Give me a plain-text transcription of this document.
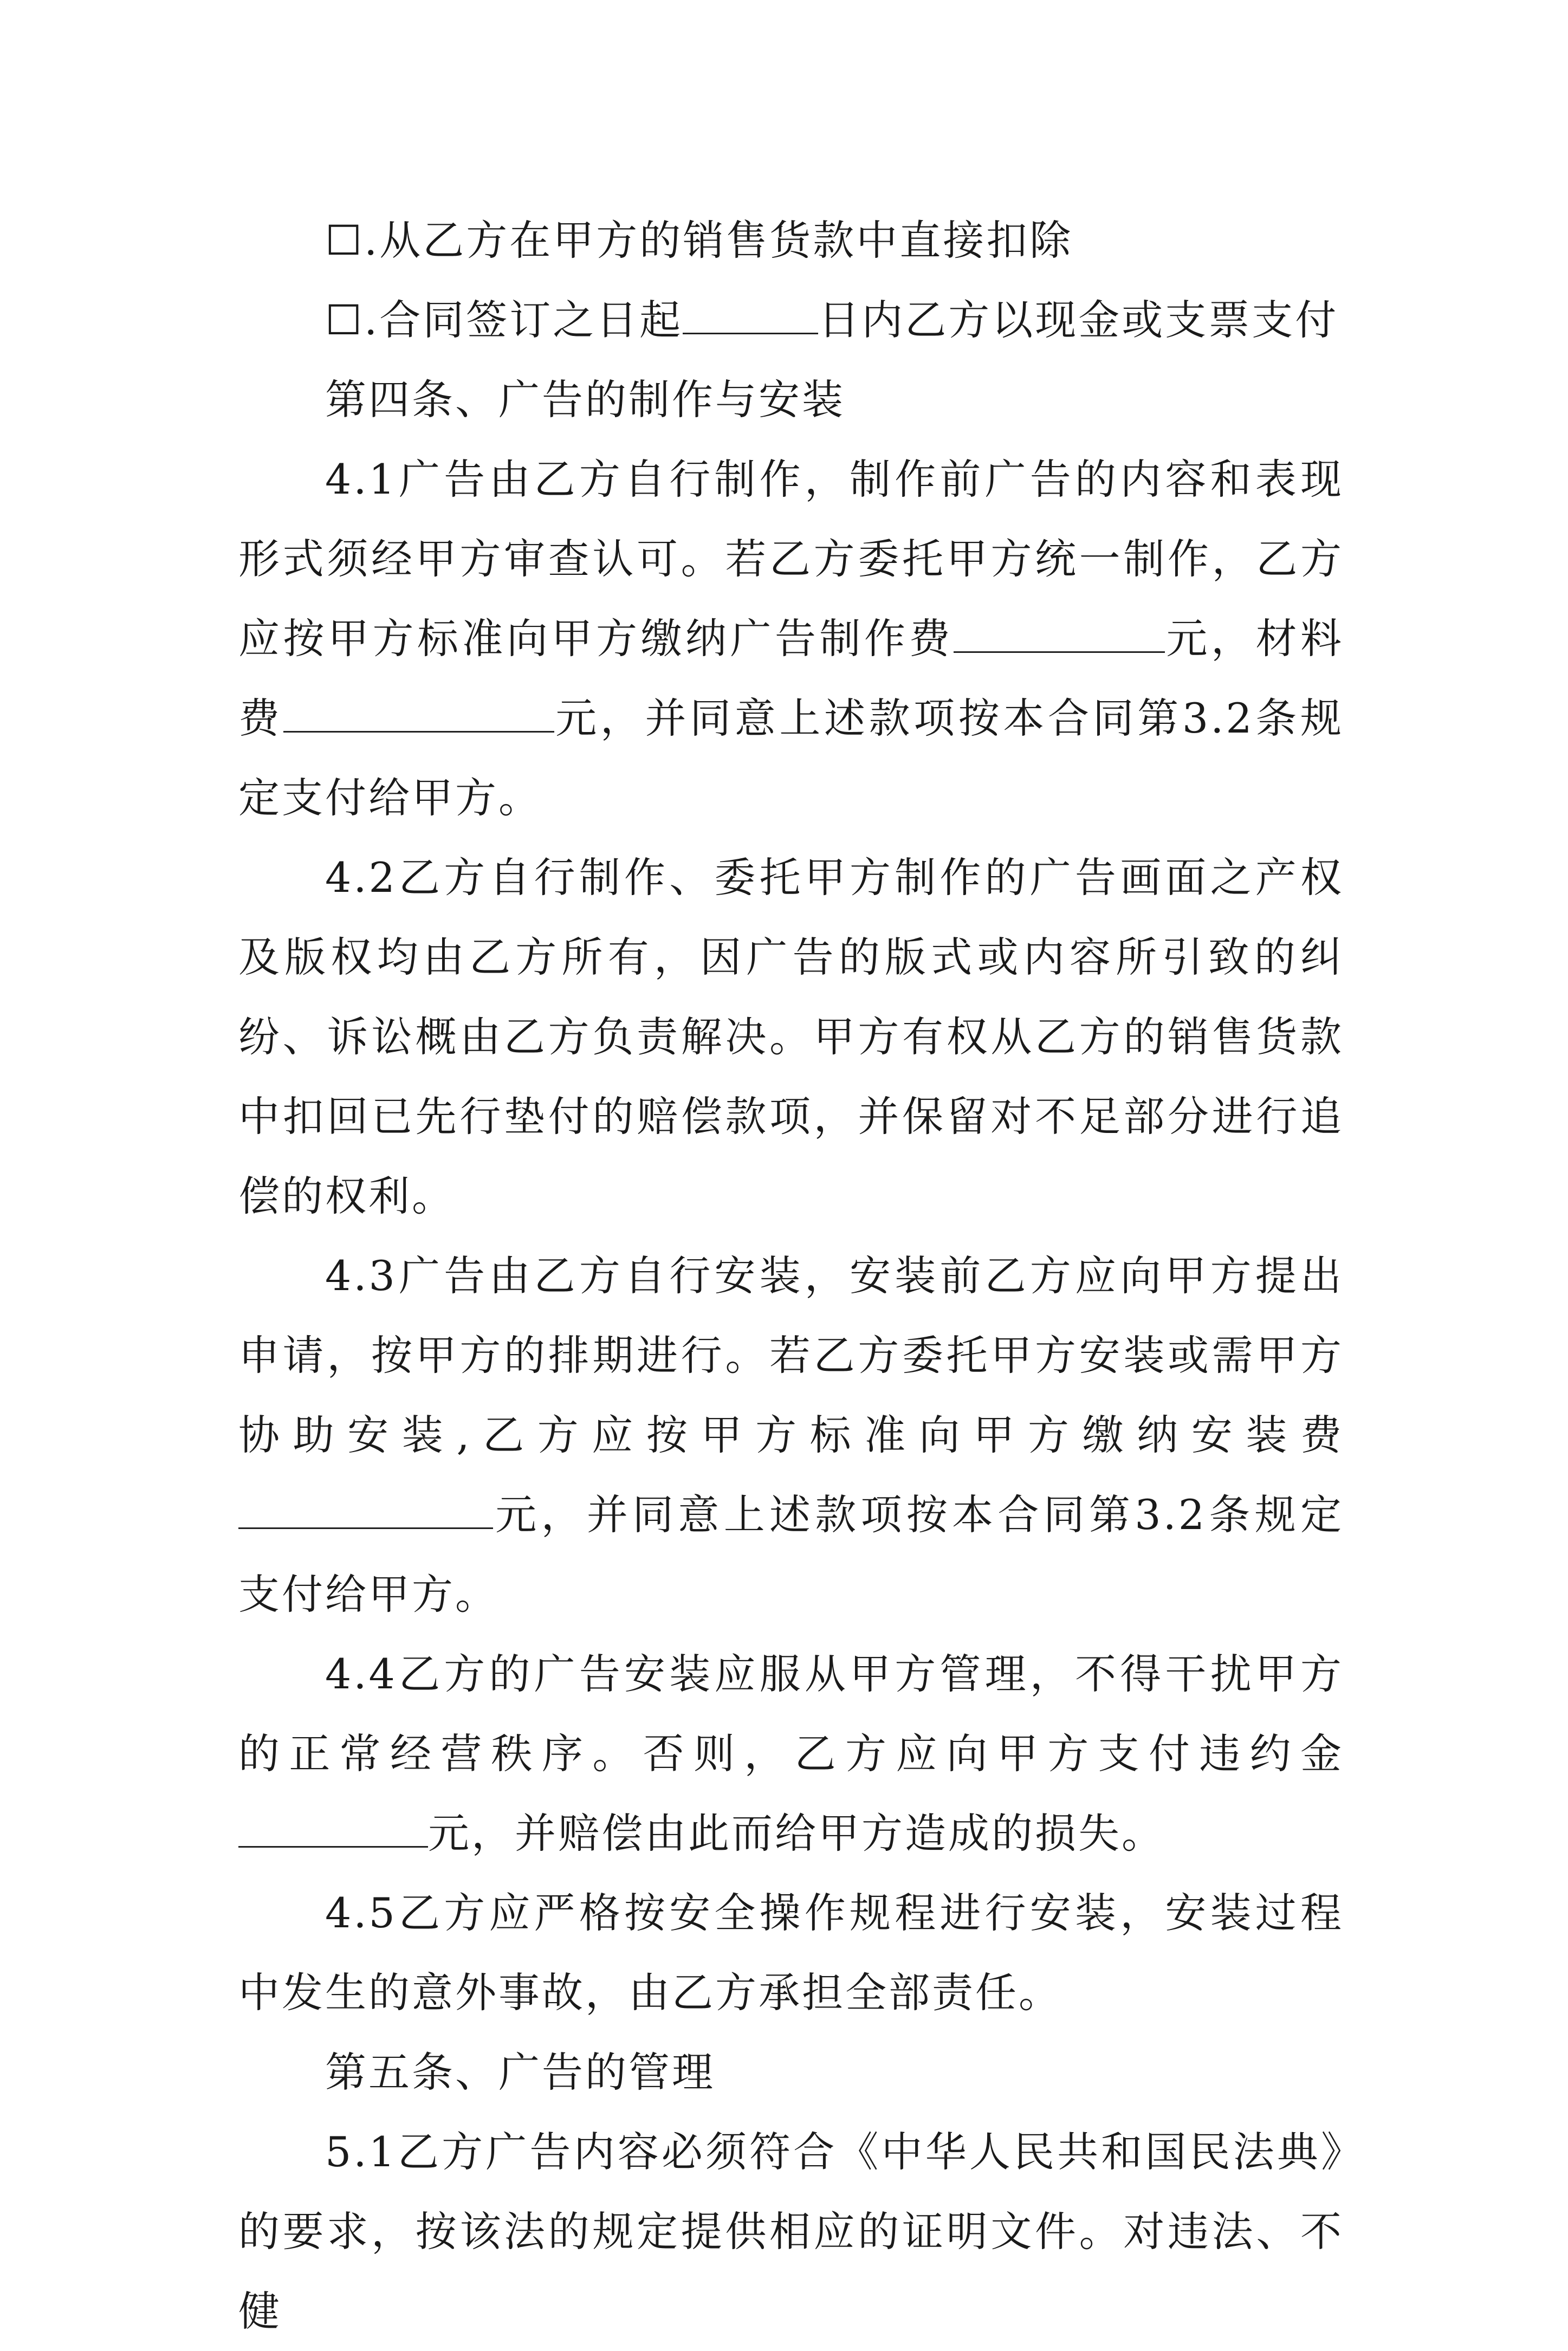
☐.从乙方在甲方的销售货款中直接扣除

☐.合同签订之日起	日内乙方以现金或支票支付

第四条、广告的制作与安装

4.1广告由乙方自行制作，制作前广告的内容和表现形式须经甲方审查认可。若乙方委托甲方统一制作，乙方应按甲方标准向甲方缴纳广告制作费	元，材料费	元，并同意上述款项按本合同第3.2条规定支付给甲方。

4.2乙方自行制作、委托甲方制作的广告画面之产权及版权均由乙方所有，因广告的版式或内容所引致的纠纷、诉讼概由乙方负责解决。甲方有权从乙方的销售货款中扣回已先行垫付的赔偿款项，并保留对不足部分进行追偿的权利。

4.3广告由乙方自行安装，安装前乙方应向甲方提出申请，按甲方的排期进行。若乙方委托甲方安装或需甲方协助安装,乙方应按甲方标准向甲方缴纳安装费元，并同意上述款项按本合同第3.2条规定支付给甲方。

4.4乙方的广告安装应服从甲方管理，不得干扰甲方的正常经营秩序。否则，乙方应向甲方支付违约金元，并赔偿由此而给甲方造成的损失。

4.5乙方应严格按安全操作规程进行安装，安装过程中发生的意外事故，由乙方承担全部责任。

第五条、广告的管理

5.1乙方广告内容必须符合《中华人民共和国民法典》的要求，按该法的规定提供相应的证明文件。对违法、不健
